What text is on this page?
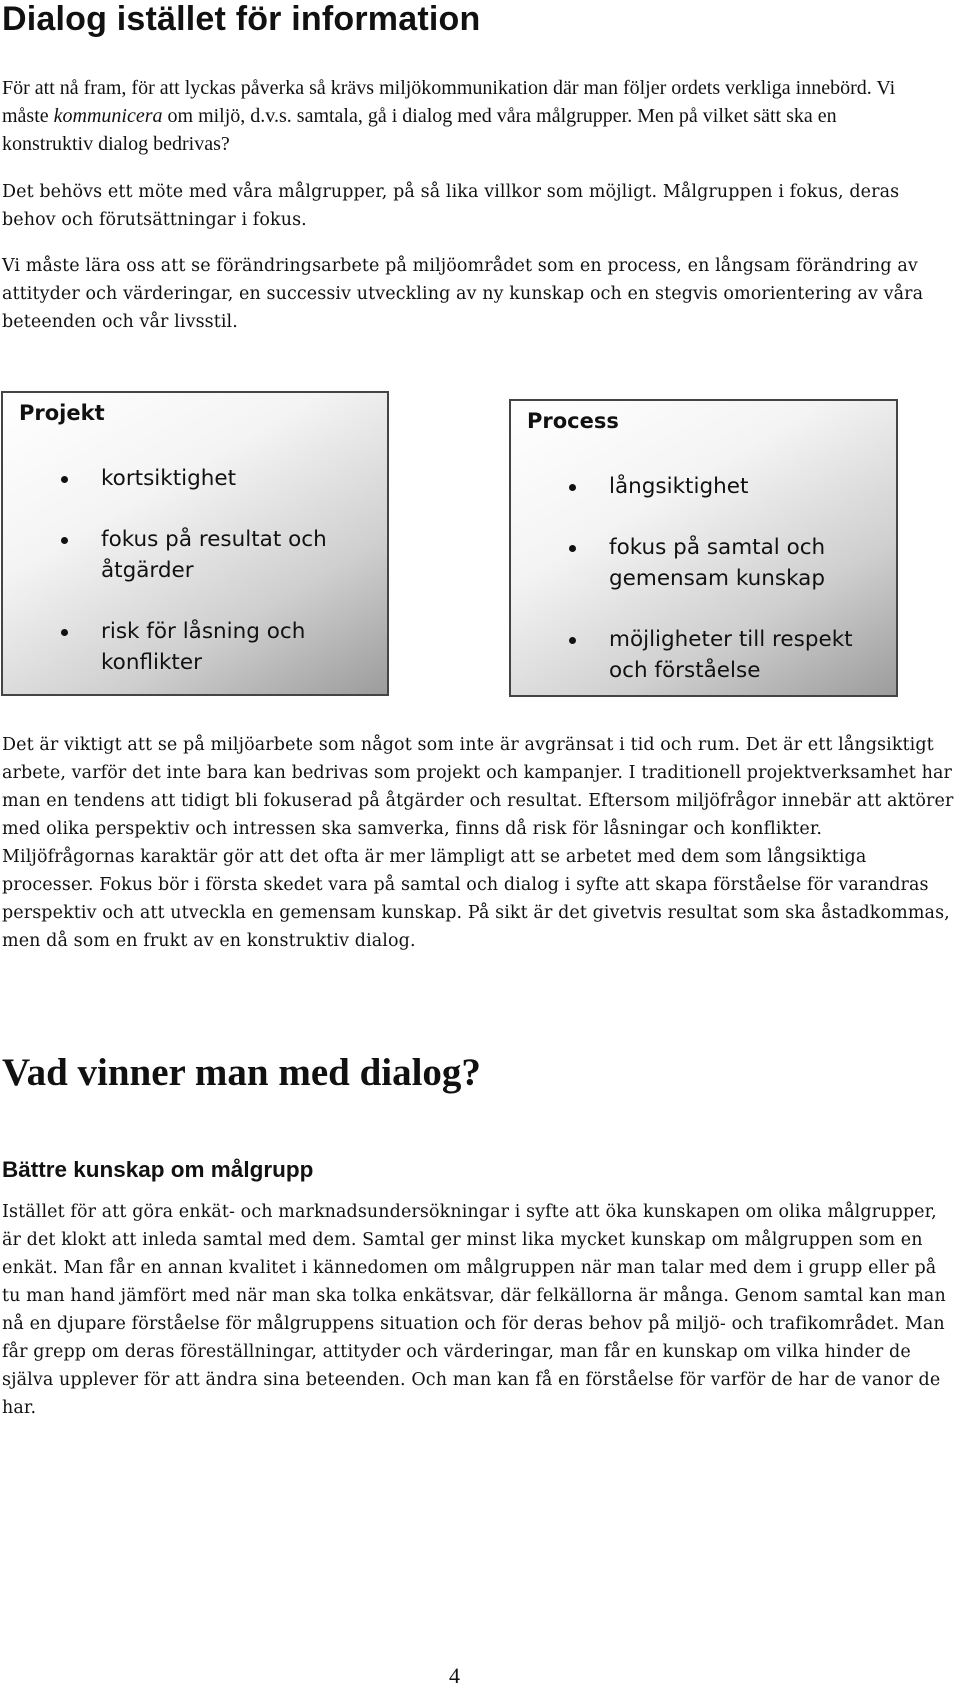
Dialog istället för information

För att nå fram, för att lyckas påverka så krävs miljökommunikation där man följer ordets verkliga innebörd. Vi måste kommunicera om miljö, d.v.s. samtala, gå i dialog med våra målgrupper. Men på vilket sätt ska en konstruktiv dialog bedrivas?

Det behövs ett möte med våra målgrupper, på så lika villkor som möjligt. Målgruppen i fokus, deras behov och förutsättningar i fokus.

Vi måste lära oss att se förändringsarbete på miljöområdet som en process, en långsam förändring av attityder och värderingar, en successiv utveckling av ny kunskap och en stegvis omorientering av våra beteenden och vår livsstil.

Projekt
kortsiktighet
fokus på resultat och åtgärder
risk för låsning och konflikter
Process
långsiktighet
fokus på samtal och gemensam kunskap
möjligheter till respekt och förståelse

Det är viktigt att se på miljöarbete som något som inte är avgränsat i tid och rum. Det är ett långsiktigt arbete, varför det inte bara kan bedrivas som projekt och kampanjer. I traditionell projektverksamhet har man en tendens att tidigt bli fokuserad på åtgärder och resultat. Eftersom miljöfrågor innebär att aktörer med olika perspektiv och intressen ska samverka, finns då risk för låsningar och konflikter. Miljöfrågornas karaktär gör att det ofta är mer lämpligt att se arbetet med dem som långsiktiga processer. Fokus bör i första skedet vara på samtal och dialog i syfte att skapa förståelse för varandras perspektiv och att utveckla en gemensam kunskap. På sikt är det givetvis resultat som ska åstadkommas, men då som en frukt av en konstruktiv dialog.

Vad vinner man med dialog?
Bättre kunskap om målgrupp

Istället för att göra enkät- och marknadsundersökningar i syfte att öka kunskapen om olika målgrupper, är det klokt att inleda samtal med dem. Samtal ger minst lika mycket kunskap om målgruppen som en enkät. Man får en annan kvalitet i kännedomen om målgruppen när man talar med dem i grupp eller på tu man hand jämfört med när man ska tolka enkätsvar, där felkällorna är många. Genom samtal kan man nå en djupare förståelse för målgruppens situation och för deras behov på miljö- och trafikområdet. Man får grepp om deras föreställningar, attityder och värderingar, man får en kunskap om vilka hinder de själva upplever för att ändra sina beteenden. Och man kan få en förståelse för varför de har de vanor de har.

4
